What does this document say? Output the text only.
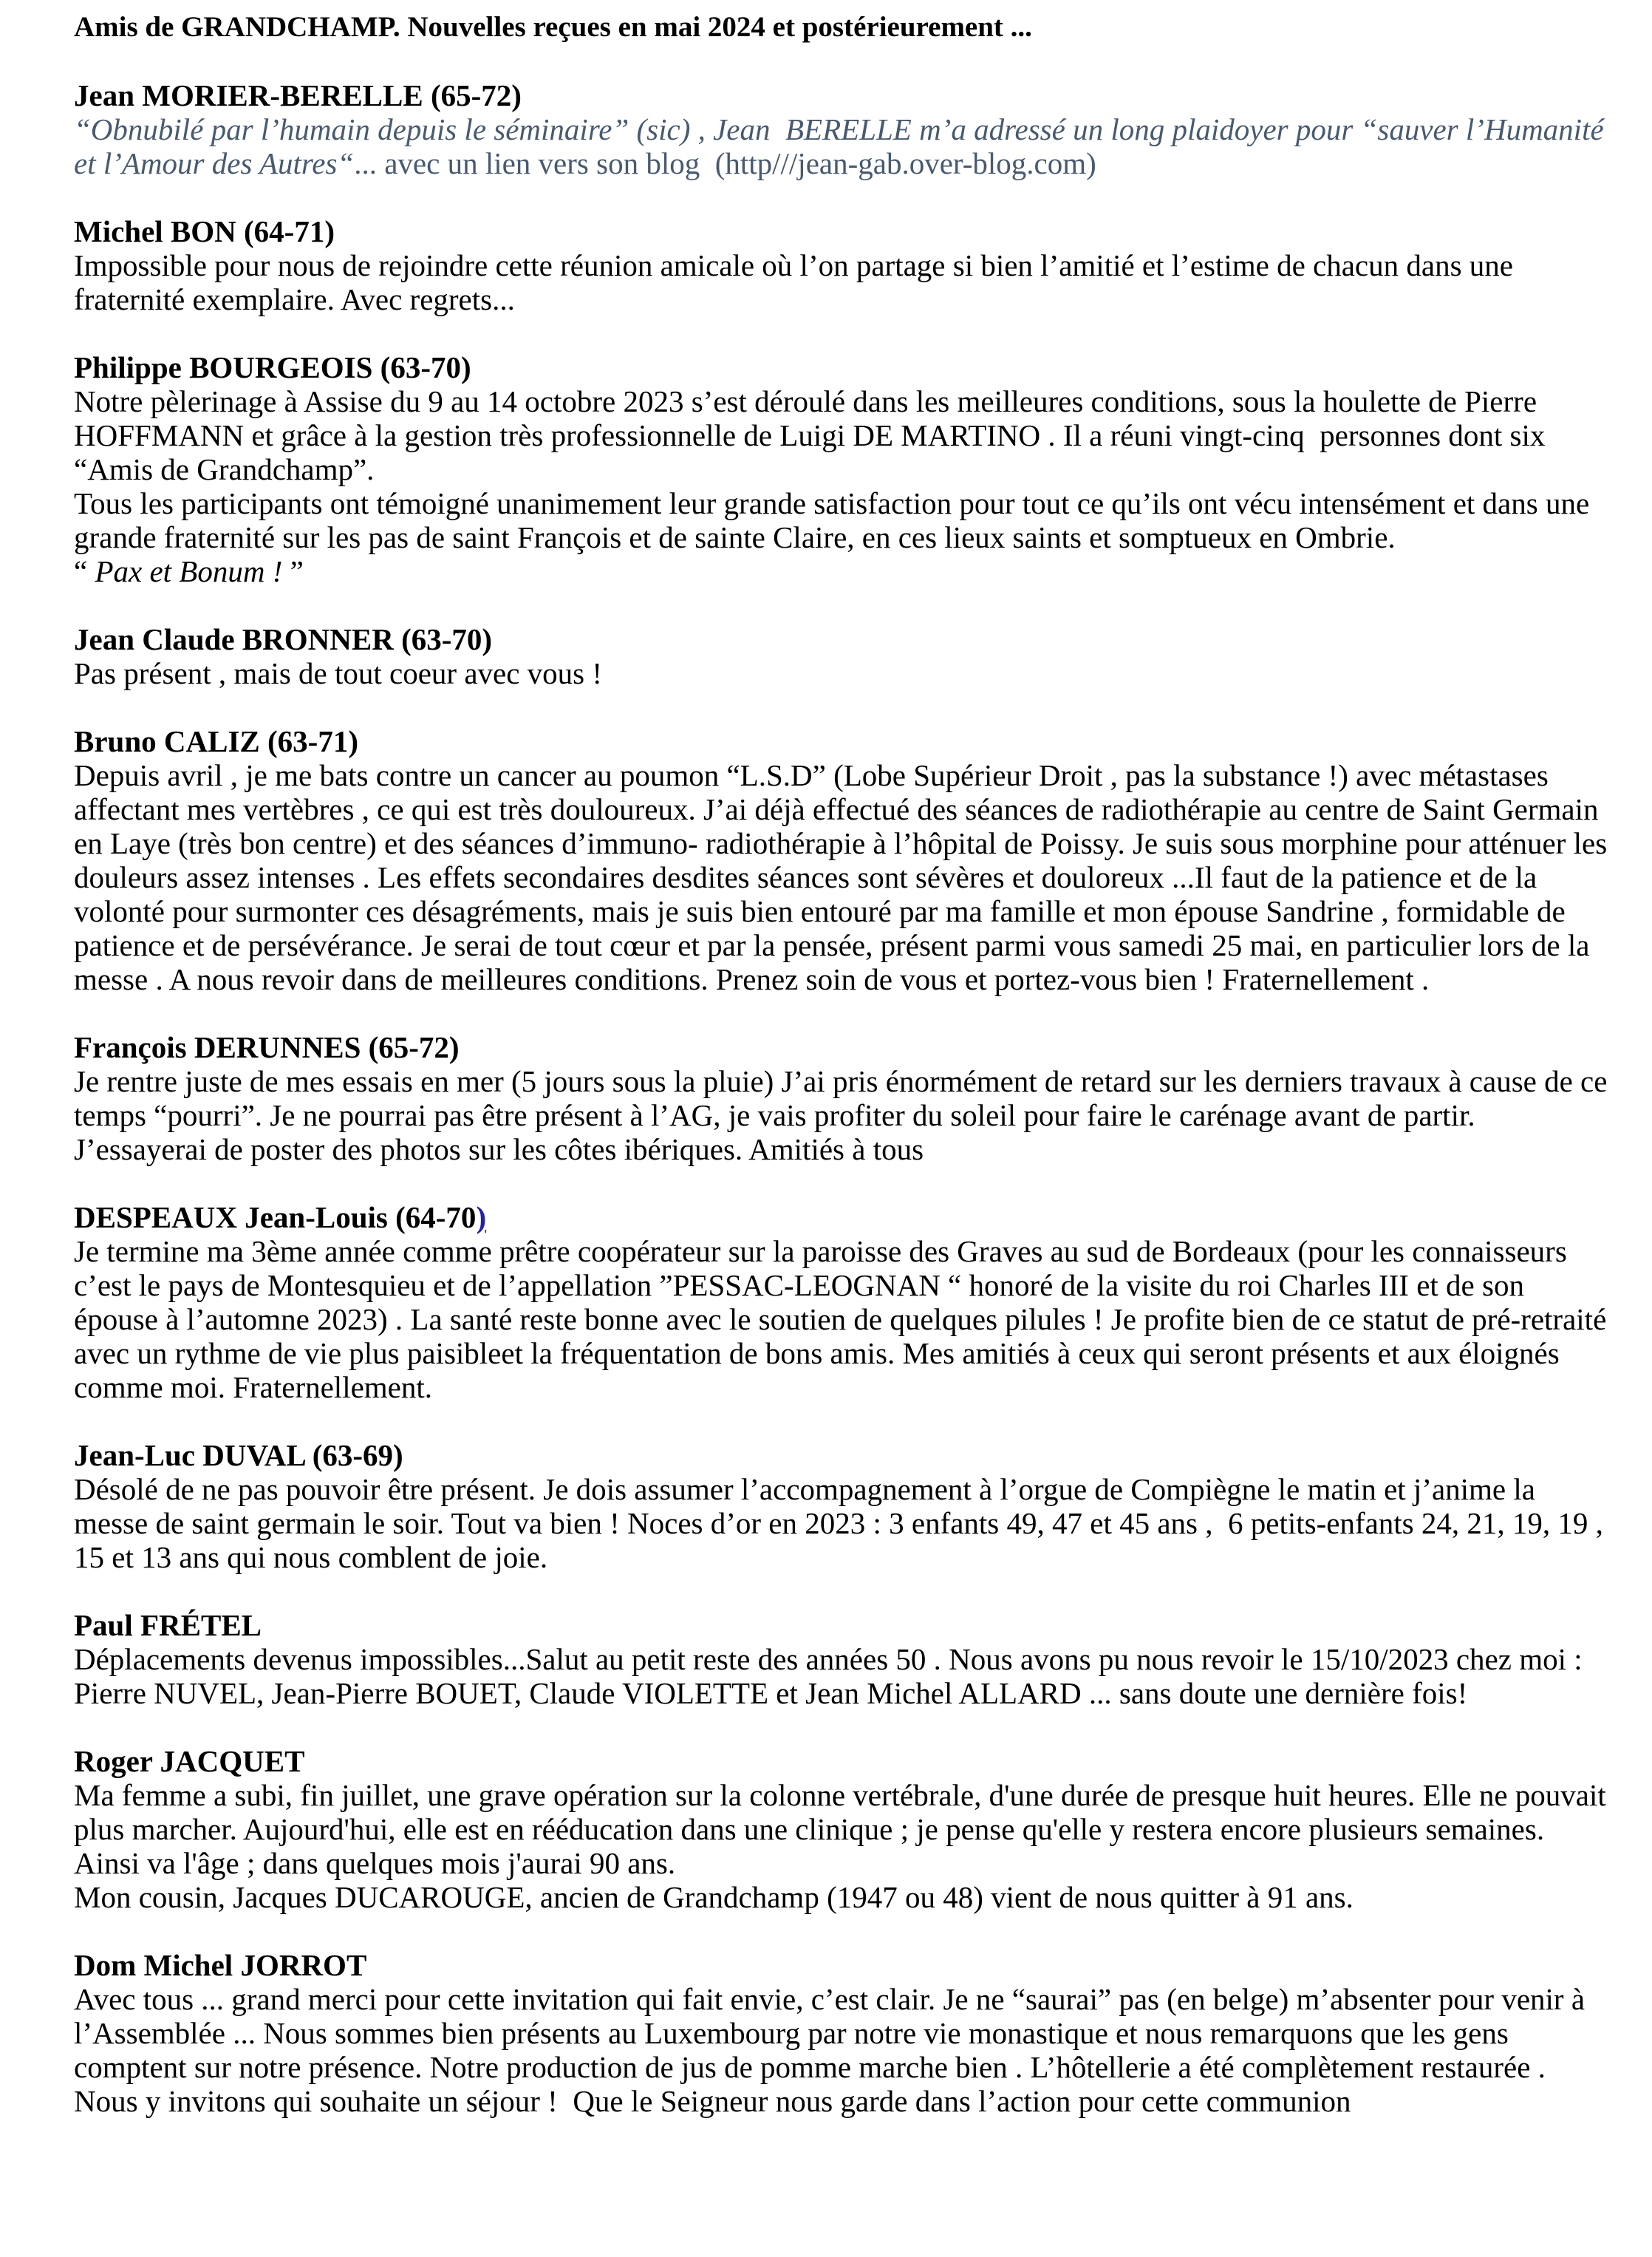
Amis de GRANDCHAMP. Nouvelles reçues en mai 2024 et postérieurement ...
Jean MORIER-BERELLE (65-72)

“Obnubilé par l’humain depuis le séminaire” (sic) , Jean  BERELLE m’a adressé un long plaidoyer pour “sauver l’Humanité  et l’Amour des Autres“... avec un lien vers son blog  (http///jean-gab.over-blog.com)

Michel BON (64-71)

Impossible pour nous de rejoindre cette réunion amicale où l’on partage si bien l’amitié et l’estime de chacun dans une fraternité exemplaire. Avec regrets...

Philippe BOURGEOIS (63-70)

Notre pèlerinage à Assise du 9 au 14 octobre 2023 s’est déroulé dans les meilleures conditions, sous la houlette de Pierre HOFFMANN et grâce à la gestion très professionnelle de Luigi DE MARTINO . Il a réuni vingt-cinq  personnes dont six “Amis de Grandchamp”.

Tous les participants ont témoigné unanimement leur grande satisfaction pour tout ce qu’ils ont vécu intensément et dans une grande fraternité sur les pas de saint François et de sainte Claire, en ces lieux saints et somptueux en Ombrie.

“ Pax et Bonum ! ”

Jean Claude BRONNER (63-70)

Pas présent , mais de tout coeur avec vous !

Bruno CALIZ (63-71)

Depuis avril , je me bats contre un cancer au poumon “L.S.D” (Lobe Supérieur Droit , pas la substance !) avec métastases affectant mes vertèbres , ce qui est très douloureux. J’ai déjà effectué des séances de radiothérapie au centre de Saint Germain en Laye (très bon centre) et des séances d’immuno- radiothérapie à l’hôpital de Poissy. Je suis sous morphine pour atténuer les douleurs assez intenses . Les effets secondaires desdites séances sont sévères et douloreux ...Il faut de la patience et de la volonté pour surmonter ces désagréments, mais je suis bien entouré par ma famille et mon épouse Sandrine , formidable de patience et de persévérance. Je serai de tout cœur et par la pensée, présent parmi vous samedi 25 mai, en particulier lors de la messe . A nous revoir dans de meilleures conditions. Prenez soin de vous et portez-vous bien ! Fraternellement .

François DERUNNES (65-72)

Je rentre juste de mes essais en mer (5 jours sous la pluie) J’ai pris énormément de retard sur les derniers travaux à cause de ce temps “pourri”. Je ne pourrai pas être présent à l’AG, je vais profiter du soleil pour faire le carénage avant de partir. J’essayerai de poster des photos sur les côtes ibériques. Amitiés à tous

DESPEAUX Jean-Louis (64-70)

Je termine ma 3ème année comme prêtre coopérateur sur la paroisse des Graves au sud de Bordeaux (pour les connaisseurs c’est le pays de Montesquieu et de l’appellation ”PESSAC-LEOGNAN “ honoré de la visite du roi Charles III et de son épouse à l’automne 2023) . La santé reste bonne avec le soutien de quelques pilules ! Je profite bien de ce statut de pré-retraité avec un rythme de vie plus paisibleet la fréquentation de bons amis. Mes amitiés à ceux qui seront présents et aux éloignés comme moi. Fraternellement.

Jean-Luc DUVAL (63-69)

Désolé de ne pas pouvoir être présent. Je dois assumer l’accompagnement à l’orgue de Compiègne le matin et j’anime la messe de saint germain le soir. Tout va bien ! Noces d’or en 2023 : 3 enfants 49, 47 et 45 ans ,  6 petits-enfants 24, 21, 19, 19 , 15 et 13 ans qui nous comblent de joie.

Paul FRÉTEL

Déplacements devenus impossibles...Salut au petit reste des années 50 . Nous avons pu nous revoir le 15/10/2023 chez moi : Pierre NUVEL, Jean-Pierre BOUET, Claude VIOLETTE et Jean Michel ALLARD ... sans doute une dernière fois!

Roger JACQUET

Ma femme a subi, fin juillet, une grave opération sur la colonne vertébrale, d'une durée de presque huit heures. Elle ne pouvait plus marcher. Aujourd'hui, elle est en rééducation dans une clinique ; je pense qu'elle y restera encore plusieurs semaines. Ainsi va l'âge ; dans quelques mois j'aurai 90 ans.

Mon cousin, Jacques DUCAROUGE, ancien de Grandchamp (1947 ou 48) vient de nous quitter à 91 ans.

Dom Michel JORROT

Avec tous ... grand merci pour cette invitation qui fait envie, c’est clair. Je ne “saurai” pas (en belge) m’absenter pour venir à l’Assemblée ... Nous sommes bien présents au Luxembourg par notre vie monastique et nous remarquons que les gens comptent sur notre présence. Notre production de jus de pomme marche bien . L’hôtellerie a été complètement restaurée . Nous y invitons qui souhaite un séjour !  Que le Seigneur nous garde dans l’action pour cette communion
